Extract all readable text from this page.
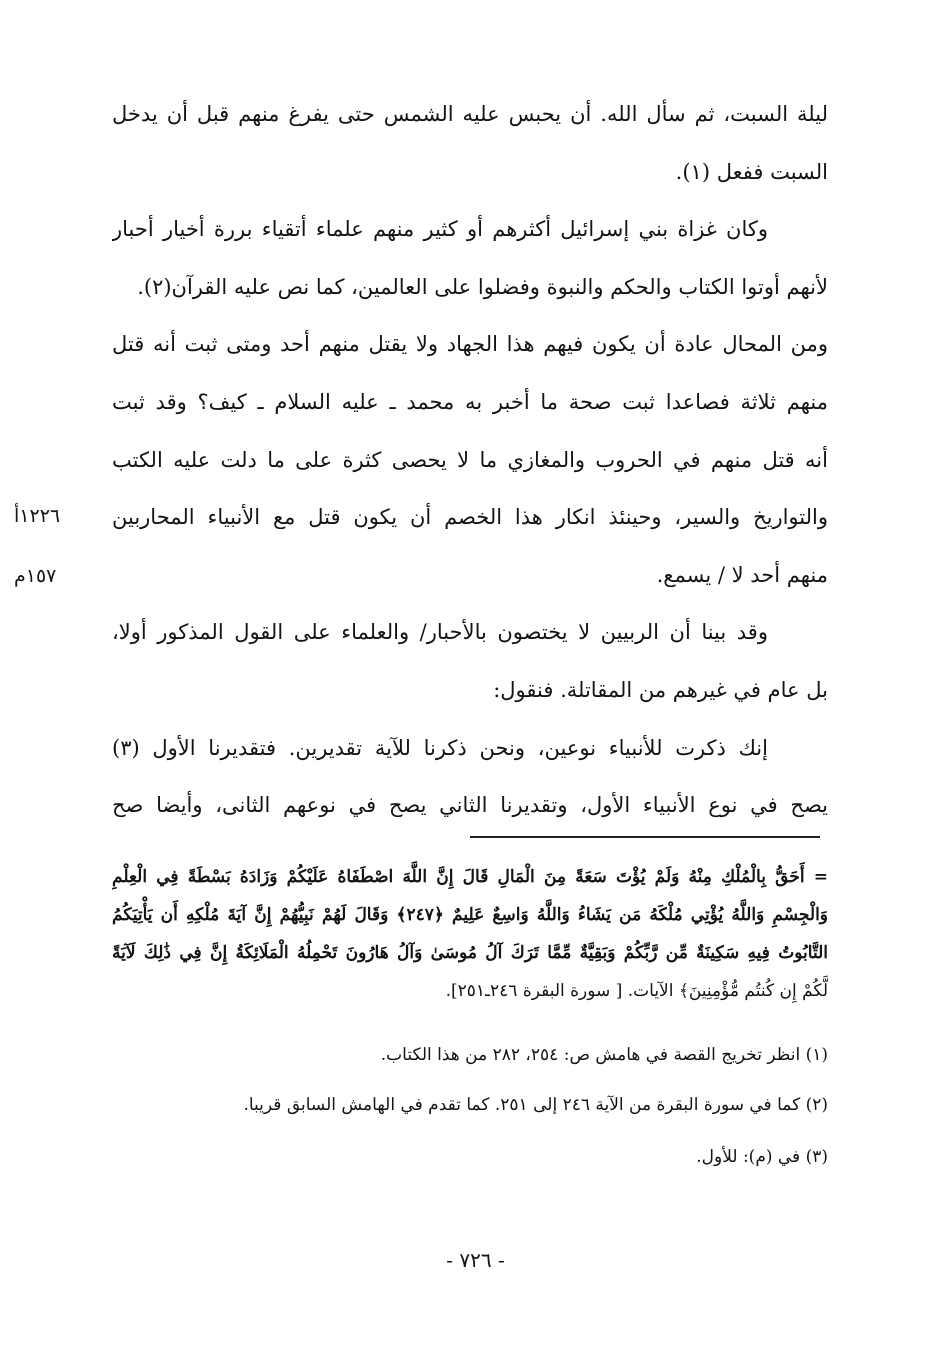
ليلة السبت، ثم سأل الله. أن يحبس عليه الشمس حتى يفرغ منهم قبل أن يدخل
السبت ففعل (١).
وكان غزاة بني إسرائيل أكثرهم أو كثير منهم علماء أتقياء بررة أخيار أحبار
لأنهم أوتوا الكتاب والحكم والنبوة وفضلوا على العالمين، كما نص عليه القرآن(٢).
ومن المحال عادة أن يكون فيهم هذا الجهاد ولا يقتل منهم أحد ومتى ثبت أنه قتل
منهم ثلاثة فصاعدا ثبت صحة ما أخبر به محمد ـ عليه السلام ـ كيف؟ وقد ثبت
أنه قتل منهم في الحروب والمغازي ما لا يحصى كثرة على ما دلت عليه الكتب
والتواريخ والسير، وحينئذ انكار هذا الخصم أن يكون قتل مع الأنبياء المحاربين
منهم أحد لا / يسمع.
وقد بينا أن الربيين لا يختصون بالأحبار/ والعلماء على القول المذكور أولا،
بل عام في غيرهم من المقاتلة. فنقول:
إنك ذكرت للأنبياء نوعين، ونحن ذكرنا للآية تقديرين. فتقديرنا الأول (٣)
يصح في نوع الأنبياء الأول، وتقديرنا الثاني يصح في نوعهم الثانى، وأيضا صح
١٢٢٦أ
١٥٧م
= أَحَقُّ بِالْمُلْكِ مِنْهُ وَلَمْ يُؤْتَ سَعَةً مِنَ الْمَالِ قَالَ إِنَّ اللَّهَ اصْطَفَاهُ عَلَيْكُمْ وَزَادَهُ بَسْطَةً فِي الْعِلْمِ
وَالْجِسْمِ وَاللَّهُ يُؤْتِي مُلْكَهُ مَن يَشَاءُ وَاللَّهُ وَاسِعٌ عَلِيمٌ ﴿٢٤٧﴾ وَقَالَ لَهُمْ نَبِيُّهُمْ إِنَّ آيَةَ مُلْكِهِ أَن يَأْتِيَكُمُ
التَّابُوتُ فِيهِ سَكِينَةٌ مِّن رَّبِّكُمْ وَبَقِيَّةٌ مِّمَّا تَرَكَ آلُ مُوسَىٰ وَآلُ هَارُونَ تَحْمِلُهُ الْمَلَائِكَةُ إِنَّ فِي ذَٰلِكَ لَآيَةً
لَّكُمْ إِن كُنتُم مُّؤْمِنِينَ﴾ الآيات. [ سورة البقرة ٢٤٦ـ٢٥١].
(١) انظر تخريج القصة في هامش ص: ٢٥٤، ٢٨٢ من هذا الكتاب.
(٢) كما في سورة البقرة من الآية ٢٤٦ إلى ٢٥١. كما تقدم في الهامش السابق قريبا.
(٣) في (م): للأول.
- ٧٢٦ -
